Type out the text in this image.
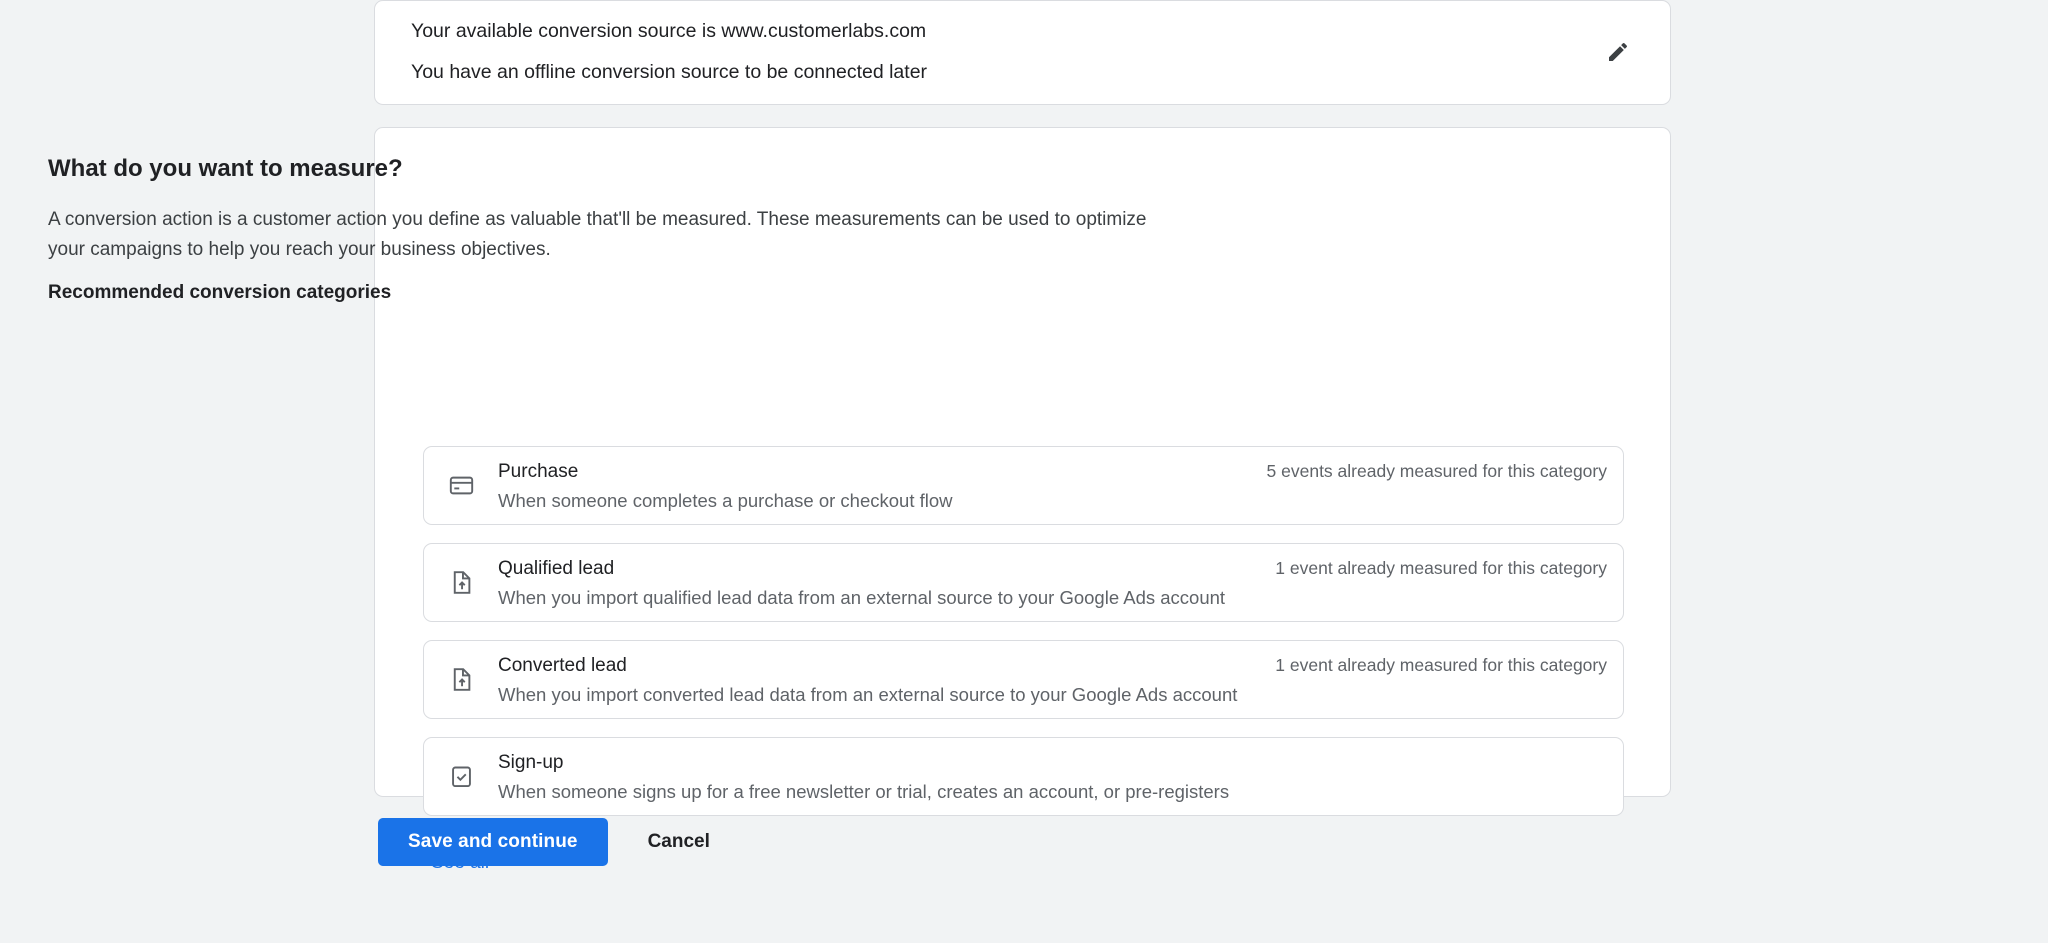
Your available conversion source is www.customerlabs.com
You have an offline conversion source to be connected later
Purchase
When someone completes a purchase or checkout flow
5 events already measured for this category
Qualified lead
When you import qualified lead data from an external source to your Google Ads account
1 event already measured for this category
Converted lead
When you import converted lead data from an external source to your Google Ads account
1 event already measured for this category
Sign-up
When someone signs up for a free newsletter or trial, creates an account, or pre-registers
What do you want to measure?
A conversion action is a customer action you define as valuable that'll be measured. These measurements can be used to optimize your campaigns to help you reach your business objectives.
Recommended conversion categories
Save and continue	Cancel
